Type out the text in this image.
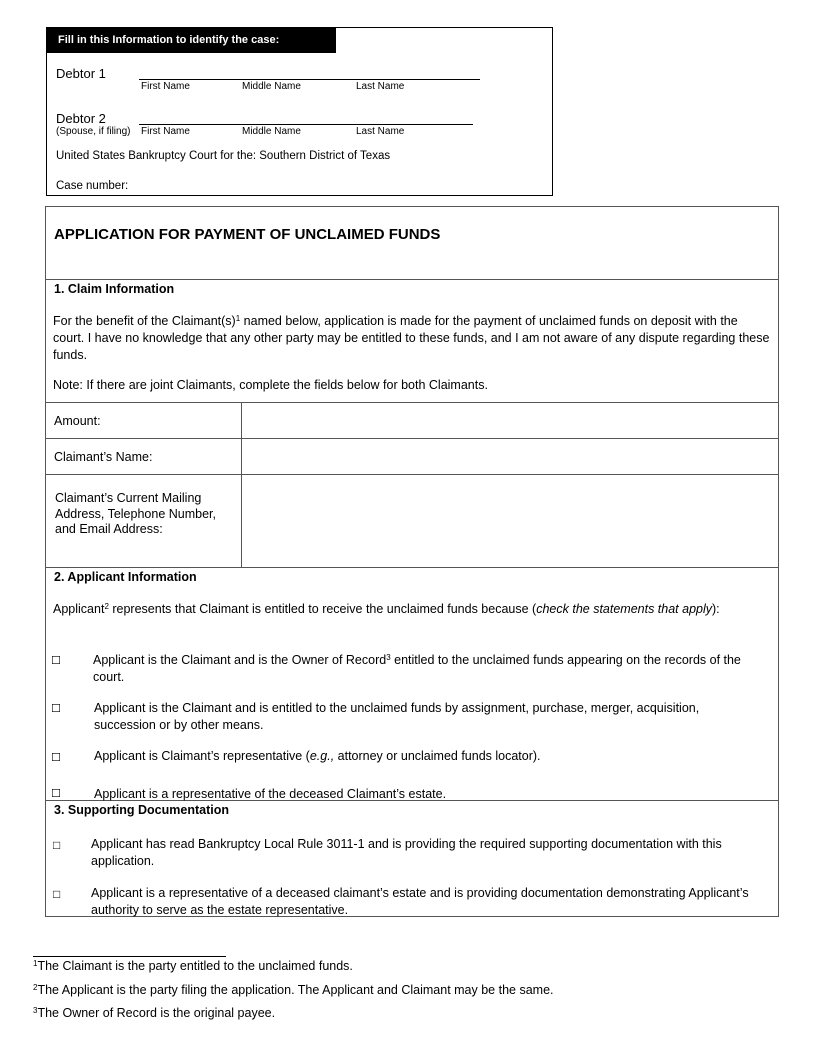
Fill in this Information to identify the case:
Debtor 1
First Name	Middle Name	Last Name
Debtor 2
(Spouse, if filing) First Name	Middle Name	Last Name
United States Bankruptcy Court for the: Southern District of Texas
Case number:
APPLICATION FOR PAYMENT OF UNCLAIMED FUNDS
1. Claim Information
For the benefit of the $Claimant(s)^1$ named below, application is made for the payment of unclaimed funds on deposit with the court. I have no knowledge that any other party may be entitled to these funds, and I am not aware of any dispute regarding these funds.
Note: If there are joint Claimants, complete the fields below for both Claimants.
Amount:
Claimant’s Name:
Claimant’s Current Mailing Address, Telephone Number, and Email Address:
2. Applicant Information
Applicant$^2$ represents that Claimant is entitled to receive the unclaimed funds because (check the statements that apply):
☐	Applicant is the Claimant and is the Owner of Record$^3$ entitled to the unclaimed funds appearing on the records of the court.
☐	Applicant is the Claimant and is entitled to the unclaimed funds by assignment, purchase, merger, acquisition, succession or by other means.
☐	Applicant is Claimant’s representative (e.g., attorney or unclaimed funds locator).
☐	Applicant is a representative of the deceased Claimant’s estate.
3. Supporting Documentation
□ Applicant has read Bankruptcy Local Rule 3011-1 and is providing the required supporting documentation with this application.
□ Applicant is a representative of a deceased claimant’s estate and is providing documentation demonstrating Applicant’s authority to serve as the estate representative.
$^1$The Claimant is the party entitled to the unclaimed funds.
$^2$The Applicant is the party filing the application. The Applicant and Claimant may be the same.
$^3$The Owner of Record is the original payee.
